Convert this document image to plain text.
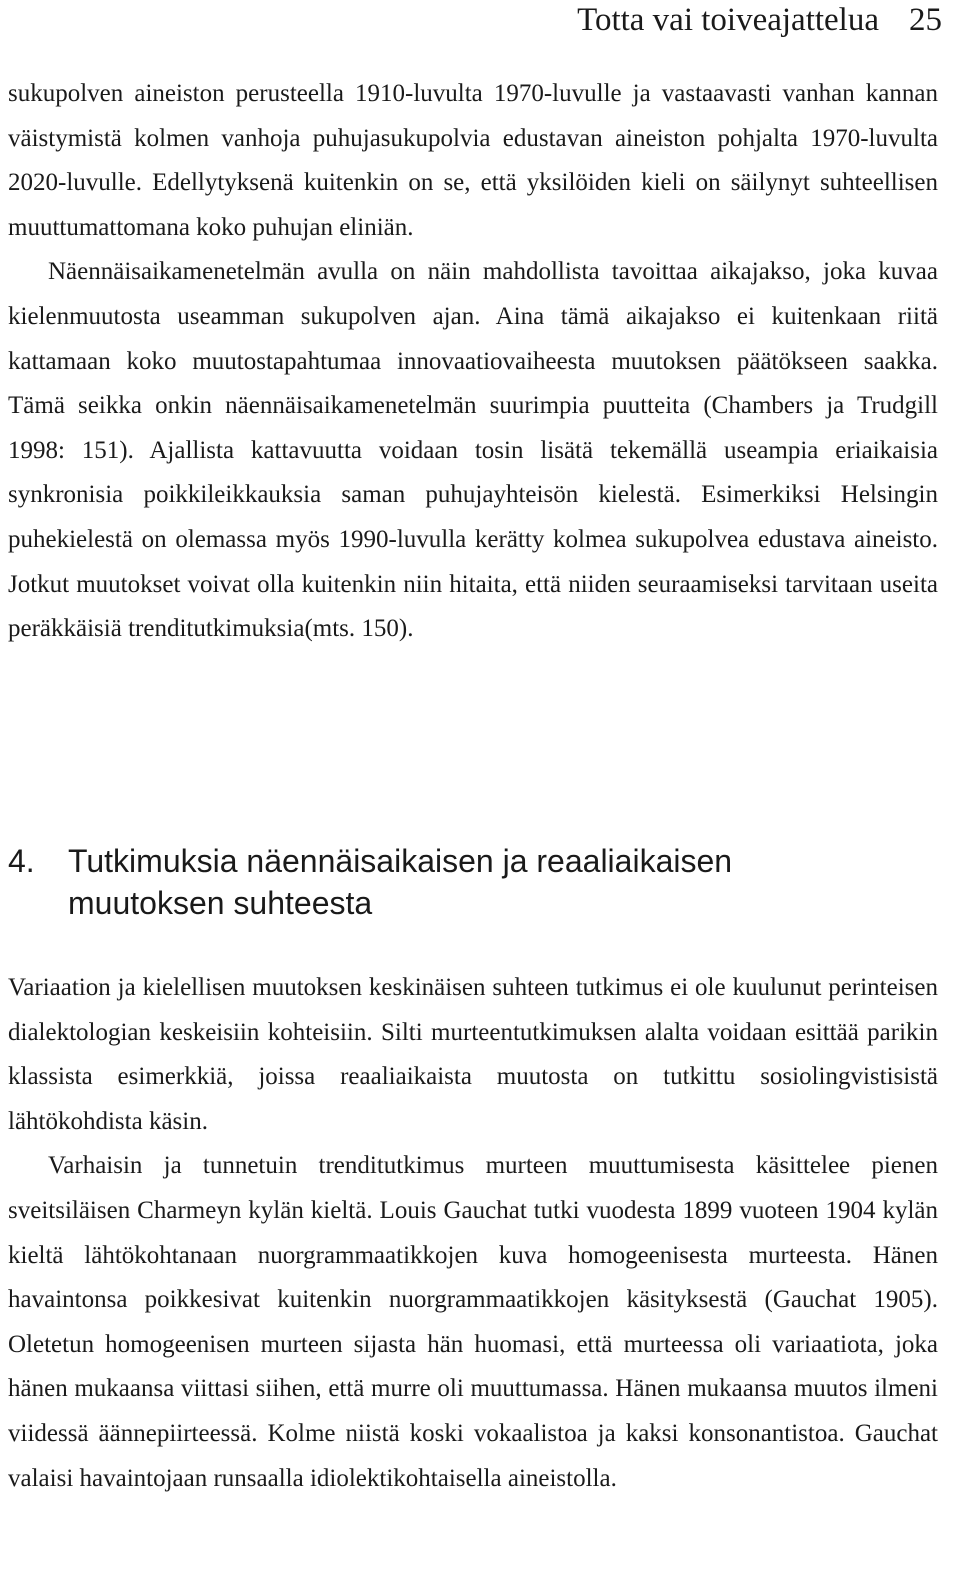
Totta vai toiveajattelua 25

sukupolven aineiston perusteella 1910-luvulta 1970-luvulle ja vastaavasti vanhan kannan väistymistä kolmen vanhoja puhujasukupolvia edustavan aineiston pohjalta 1970-luvulta 2020-luvulle. Edellytyksenä kuitenkin on se, että yksilöiden kieli on säilynyt suhteellisen muuttumattomana koko puhujan eliniän.

Näennäisaikamenetelmän avulla on näin mahdollista tavoittaa aikajakso, joka kuvaa kielenmuutosta useamman sukupolven ajan. Aina tämä aikajakso ei kuitenkaan riitä kattamaan koko muutostapahtumaa innovaatiovaiheesta muutoksen päätökseen saakka. Tämä seikka onkin näennäisaikamenetelmän suurimpia puutteita (Chambers ja Trudgill 1998: 151). Ajallista kattavuutta voidaan tosin lisätä tekemällä useampia eriaikaisia synkronisia poikkileikkauksia saman puhujayhteisön kielestä. Esimerkiksi Helsingin puhekielestä on olemassa myös 1990-luvulla kerätty kolmea sukupolvea edustava aineisto. Jotkut muutokset voivat olla kuitenkin niin hitaita, että niiden seuraamiseksi tarvitaan useita peräkkäisiä trenditutkimuksia(mts. 150).

4. Tutkimuksia näennäisaikaisen ja reaaliaikaisen
muutoksen suhteesta

Variaation ja kielellisen muutoksen keskinäisen suhteen tutkimus ei ole kuulunut perinteisen dialektologian keskeisiin kohteisiin. Silti murteentutkimuksen alalta voidaan esittää parikin klassista esimerkkiä, joissa reaaliaikaista muutosta on tutkittu sosiolingvistisistä lähtökohdista käsin.

Varhaisin ja tunnetuin trenditutkimus murteen muuttumisesta käsittelee pienen sveitsiläisen Charmeyn kylän kieltä. Louis Gauchat tutki vuodesta 1899 vuoteen 1904 kylän kieltä lähtökohtanaan nuorgrammaatikkojen kuva homogeenisesta murteesta. Hänen havaintonsa poikkesivat kuitenkin nuorgrammaatikkojen käsityksestä (Gauchat 1905). Oletetun homogeenisen murteen sijasta hän huomasi, että murteessa oli variaatiota, joka hänen mukaansa viittasi siihen, että murre oli muuttumassa. Hänen mukaansa muutos ilmeni viidessä äännepiirteessä. Kolme niistä koski vokaalistoa ja kaksi konsonantistoa. Gauchat valaisi havaintojaan runsaalla idiolektikohtaisella aineistolla.
